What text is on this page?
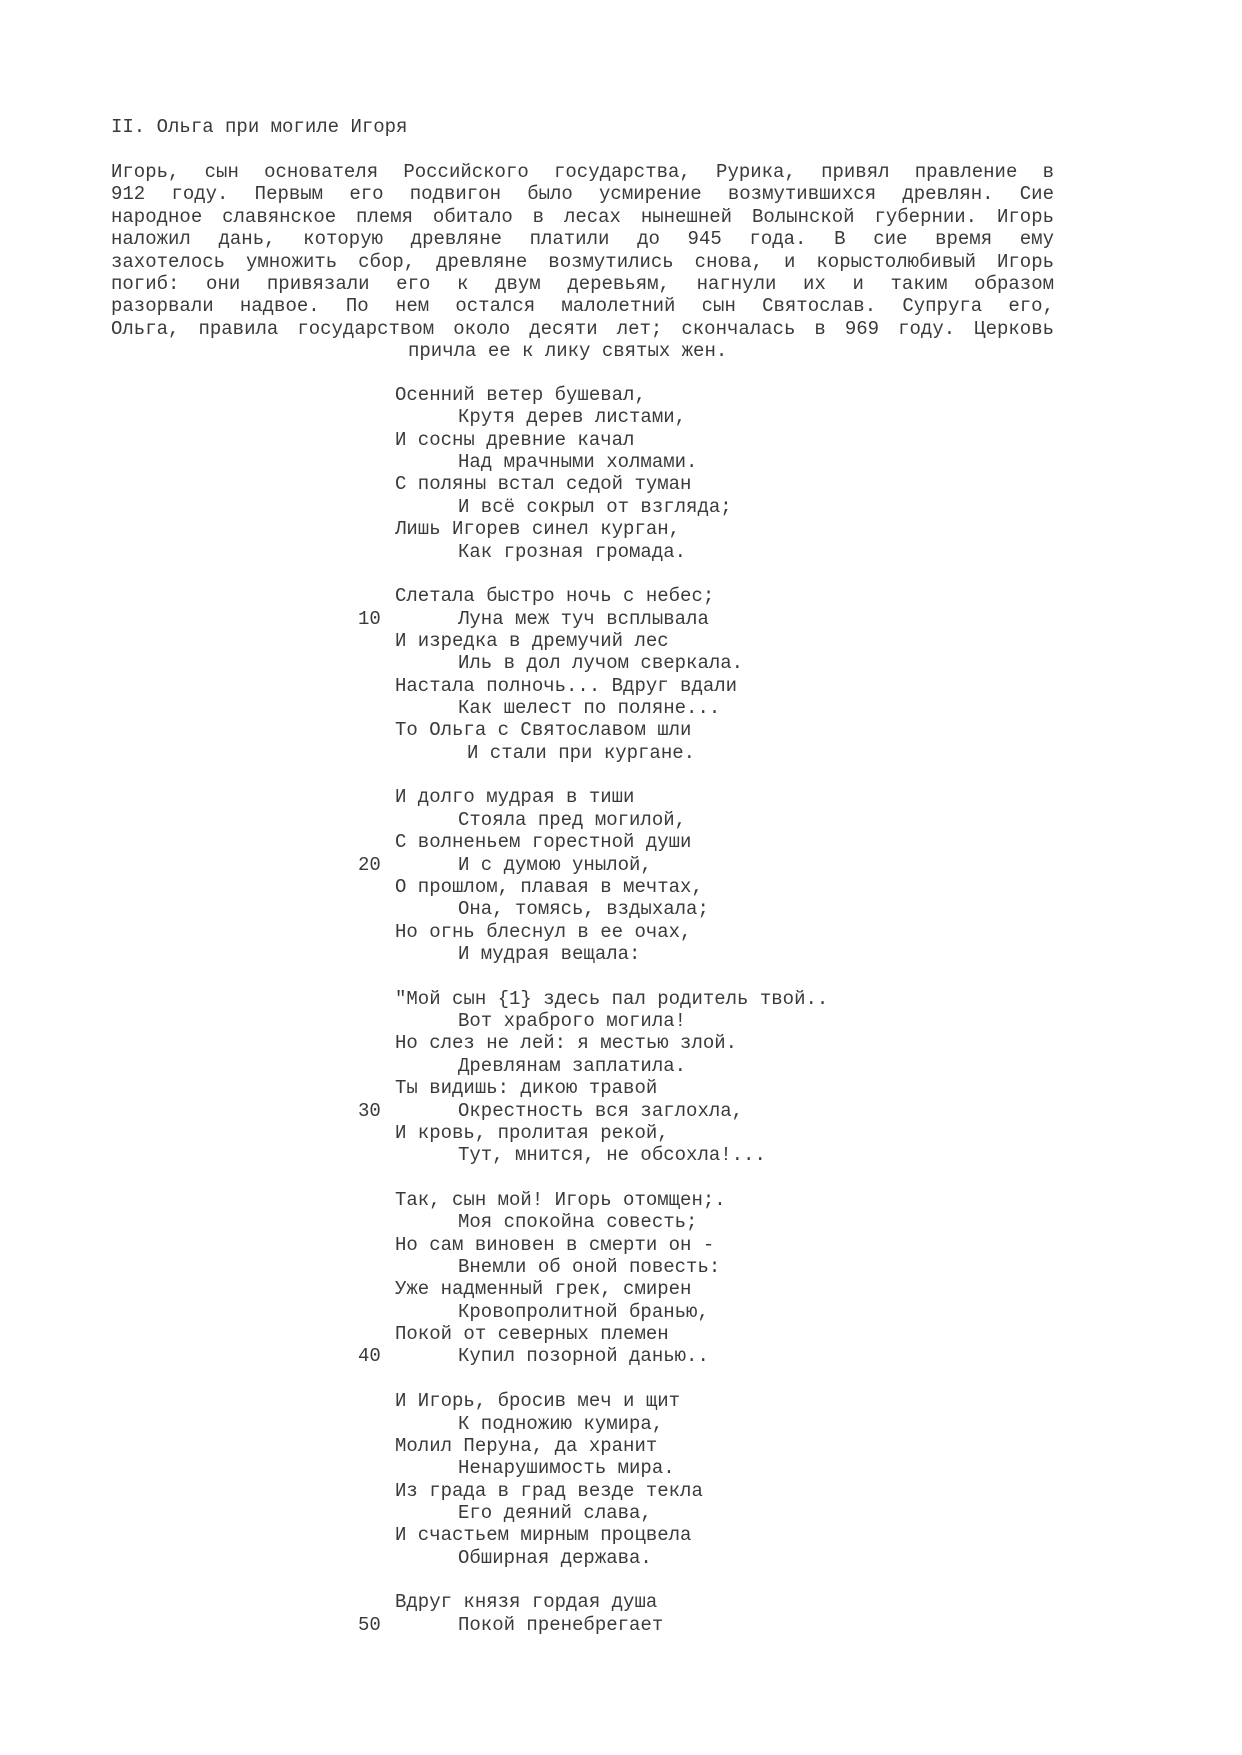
II. Ольга при могиле Игоря
Игорь, сын основателя Российского государства, Рурика, привял правление в
912 году. Первым его подвигон было усмирение возмутившихся древлян. Сие
народное славянское племя обитало в лесах нынешней Волынской губернии. Игорь
наложил дань, которую древляне платили до 945 года. В сие время ему
захотелось умножить сбор, древляне возмутились снова, и корыстолюбивый Игорь
погиб: они привязали его к двум деревьям, нагнули их и таким образом
разорвали надвое. По нем остался малолетний сын Святослав. Супруга его,
Ольга, правила государством около десяти лет; скончалась в 969 году. Церковь
причла ее к лику святых жен.
Осенний ветер бушевал,
Крутя дерев листами,
И сосны древние качал
Над мрачными холмами.
С поляны встал седой туман
И всё сокрыл от взгляда;
Лишь Игорев синел курган,
Как грозная громада.
Слетала быстро ночь с небес;
10	Луна меж туч всплывала
И изредка в дремучий лес
Иль в дол лучом сверкала.
Настала полночь... Вдруг вдали
Как шелест по поляне...
То Ольга с Святославом шли
И стали при кургане.
И долго мудрая в тиши
Стояла пред могилой,
С волненьем горестной души
20	И с думою унылой,
О прошлом, плавая в мечтах,
Она, томясь, вздыхала;
Но огнь блеснул в ее очах,
И мудрая вещала:
"Мой сын {1} здесь пал родитель твой..
Вот храброго могила!
Но слез не лей: я местью злой.
Древлянам заплатила.
Ты видишь: дикою травой
30	Окрестность вся заглохла,
И кровь, пролитая рекой,
Тут, мнится, не обсохла!...
Так, сын мой! Игорь отомщен;.
Моя спокойна совесть;
Но сам виновен в смерти он -
Внемли об оной повесть:
Уже надменный грек, смирен
Кровопролитной бранью,
Покой от северных племен
40	Купил позорной данью..
И Игорь, бросив меч и щит
К подножию кумира,
Молил Перуна, да хранит
Ненарушимость мира.
Из града в град везде текла
Его деяний слава,
И счастьем мирным процвела
Обширная держава.
Вдруг князя гордая душа
50	Покой пренебрегает
